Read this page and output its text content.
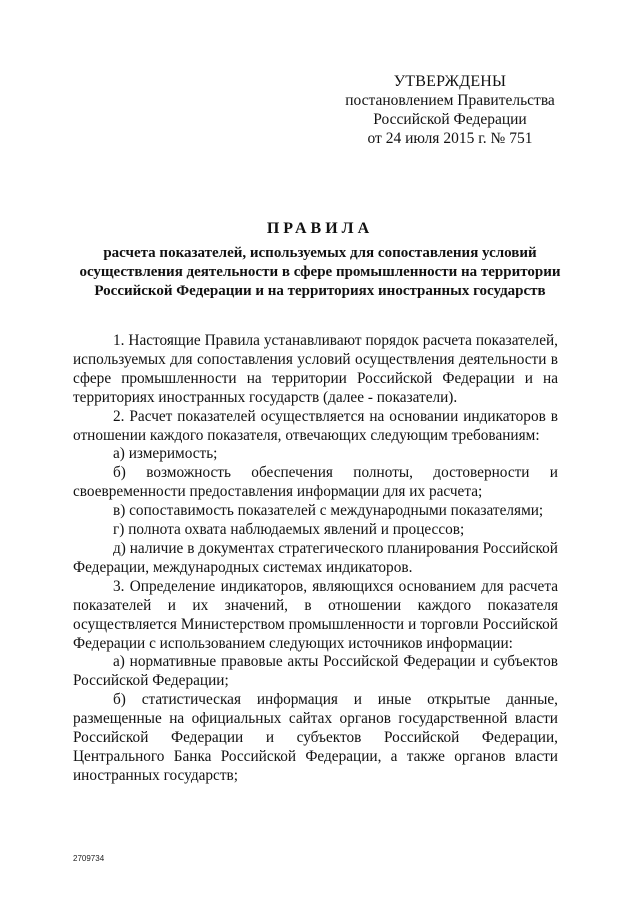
УТВЕРЖДЕНЫ
постановлением Правительства
Российской Федерации
от 24 июля 2015 г. № 751
ПРАВИЛА
расчета показателей, используемых для сопоставления условий осуществления деятельности в сфере промышленности на территории Российской Федерации и на территориях иностранных государств

1. Настоящие Правила устанавливают порядок расчета показателей, используемых для сопоставления условий осуществления деятельности в сфере промышленности на территории Российской Федерации и на территориях иностранных государств (далее - показатели).

2. Расчет показателей осуществляется на основании индикаторов в отношении каждого показателя, отвечающих следующим требованиям:

а) измеримость;

б) возможность обеспечения полноты, достоверности и своевременности предоставления информации для их расчета;

в) сопоставимость показателей с международными показателями;

г) полнота охвата наблюдаемых явлений и процессов;

д) наличие в документах стратегического планирования Российской Федерации, международных системах индикаторов.

3. Определение индикаторов, являющихся основанием для расчета показателей и их значений, в отношении каждого показателя осуществляется Министерством промышленности и торговли Российской Федерации с использованием следующих источников информации:

а) нормативные правовые акты Российской Федерации и субъектов Российской Федерации;

б) статистическая информация и иные открытые данные, размещенные на официальных сайтах органов государственной власти Российской Федерации и субъектов Российской Федерации, Центрального Банка Российской Федерации, а также органов власти иностранных государств;

2709734
